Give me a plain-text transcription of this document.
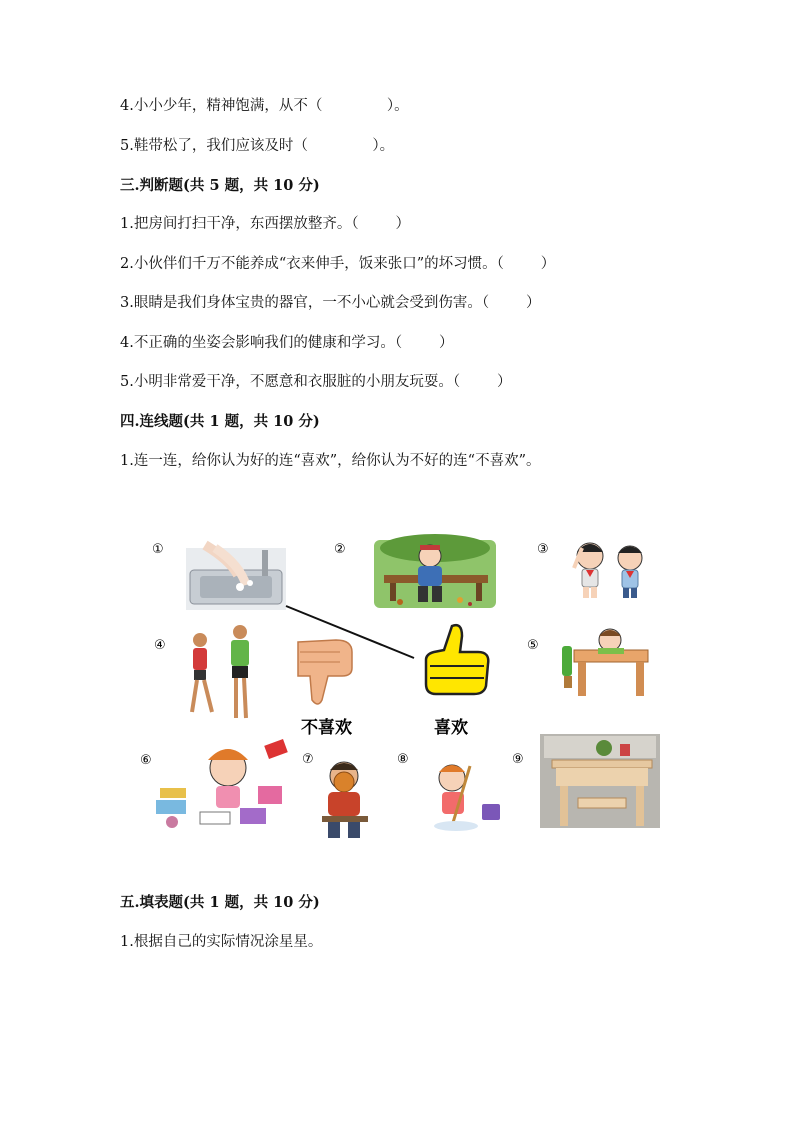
4.小小少年，精神饱满，从不（              ）。
5.鞋带松了，我们应该及时（              ）。
三.判断题(共 5 题，共 10 分)
1.把房间打扫干净，东西摆放整齐。（        ）
2.小伙伴们千万不能养成“衣来伸手，饭来张口”的坏习惯。（        ）
3.眼睛是我们身体宝贵的器官，一不小心就会受到伤害。（        ）
4.不正确的坐姿会影响我们的健康和学习。（        ）
5.小明非常爱干净，不愿意和衣服脏的小朋友玩耍。（        ）
四.连线题(共 1 题，共 10 分)
1.连一连，给你认为好的连“喜欢”，给你认为不好的连“不喜欢”。
①	②	③
④	⑤
⑥	⑦	⑧	⑨
不喜欢	喜欢
五.填表题(共 1 题，共 10 分)
1.根据自己的实际情况涂星星。
